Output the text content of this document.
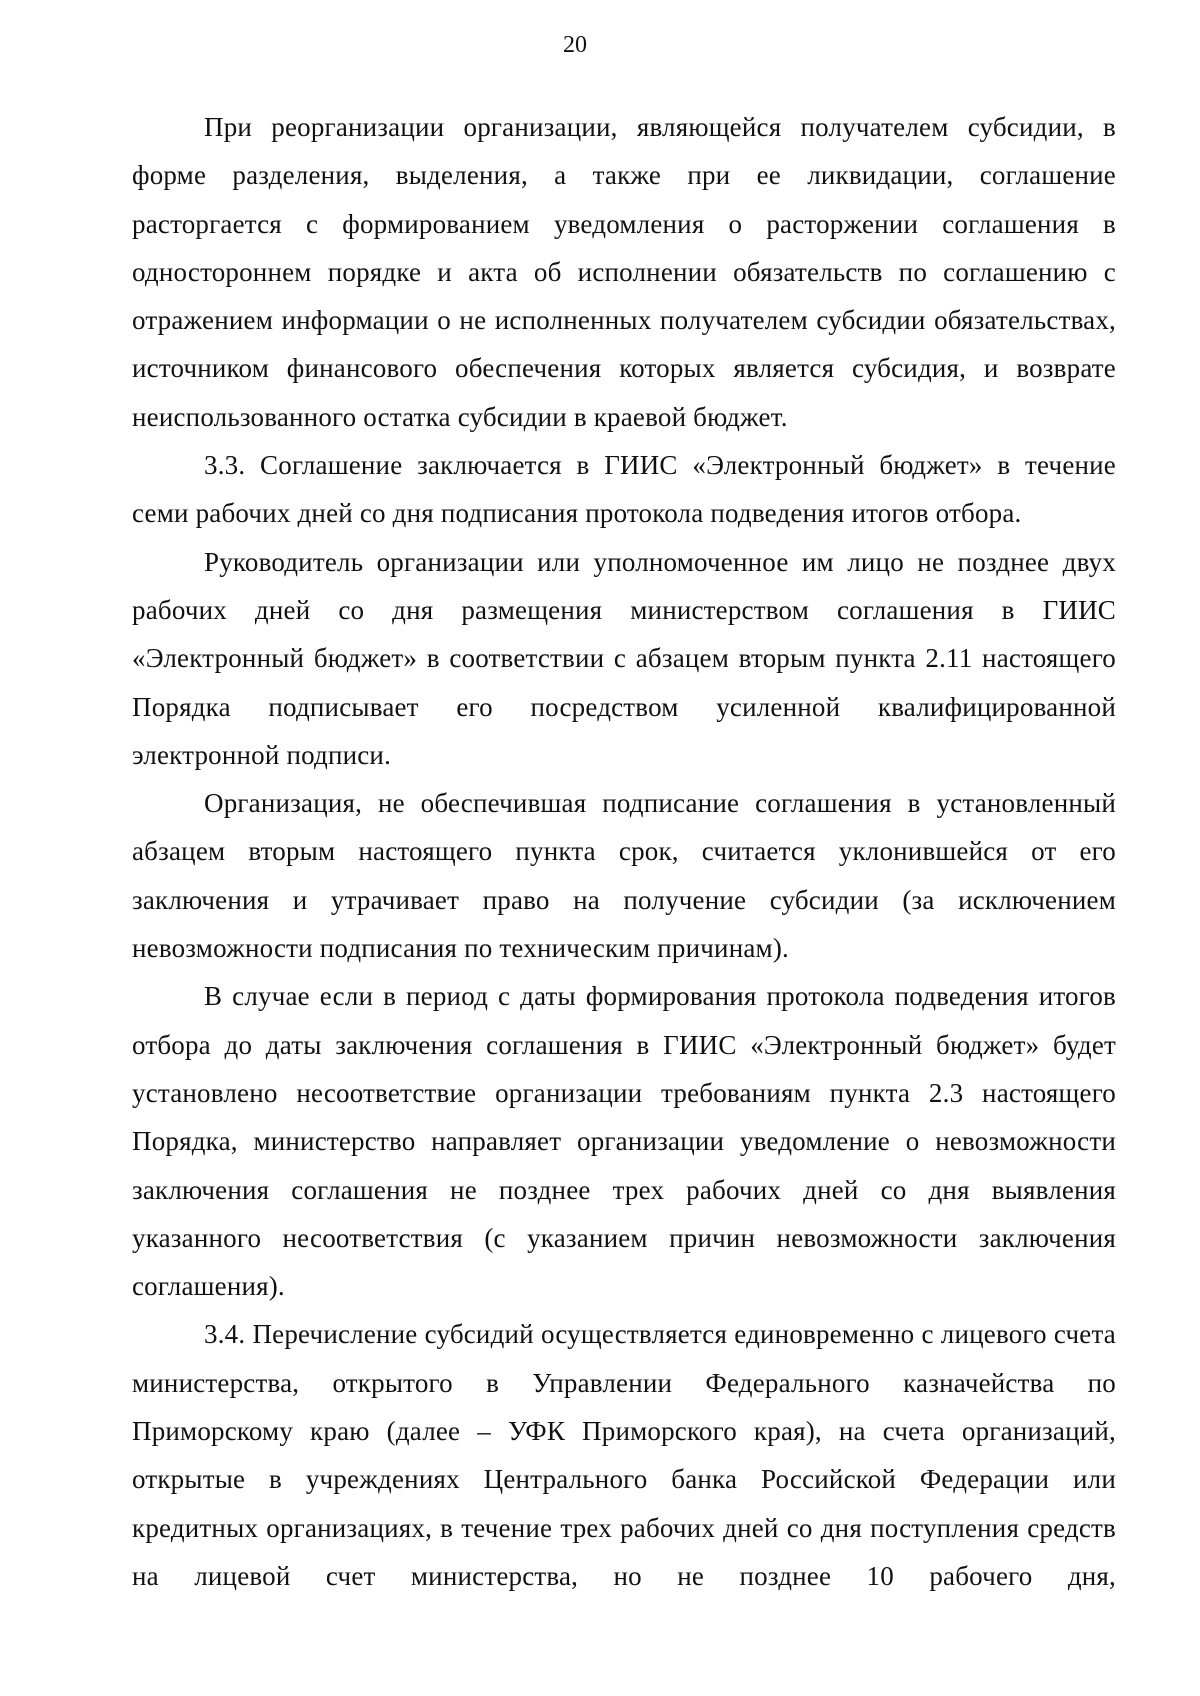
20

При реорганизации организации, являющейся получателем субсидии, в форме разделения, выделения, а также при ее ликвидации, соглашение расторгается с формированием уведомления о расторжении соглашения в одностороннем порядке и акта об исполнении обязательств по соглашению с отражением информации о не исполненных получателем субсидии обязательствах, источником финансового обеспечения которых является субсидия, и возврате неиспользованного остатка субсидии в краевой бюджет.

3.3. Соглашение заключается в ГИИС «Электронный бюджет» в течение семи рабочих дней со дня подписания протокола подведения итогов отбора.

Руководитель организации или уполномоченное им лицо не позднее двух рабочих дней со дня размещения министерством соглашения в ГИИС «Электронный бюджет» в соответствии с абзацем вторым пункта 2.11 настоящего Порядка подписывает его посредством усиленной квалифицированной электронной подписи.

Организация, не обеспечившая подписание соглашения в установленный абзацем вторым настоящего пункта срок, считается уклонившейся от его заключения и утрачивает право на получение субсидии (за исключением невозможности подписания по техническим причинам).

В случае если в период с даты формирования протокола подведения итогов отбора до даты заключения соглашения в ГИИС «Электронный бюджет» будет установлено несоответствие организации требованиям пункта 2.3 настоящего Порядка, министерство направляет организации уведомление о невозможности заключения соглашения не позднее трех рабочих дней со дня выявления указанного несоответствия (с указанием причин невозможности заключения соглашения).

3.4. Перечисление субсидий осуществляется единовременно с лицевого счета министерства, открытого в Управлении Федерального казначейства по Приморскому краю (далее – УФК Приморского края), на счета организаций, открытые в учреждениях Центрального банка Российской Федерации или кредитных организациях, в течение трех рабочих дней со дня поступления средств на лицевой счет министерства, но не позднее 10 рабочего дня,
